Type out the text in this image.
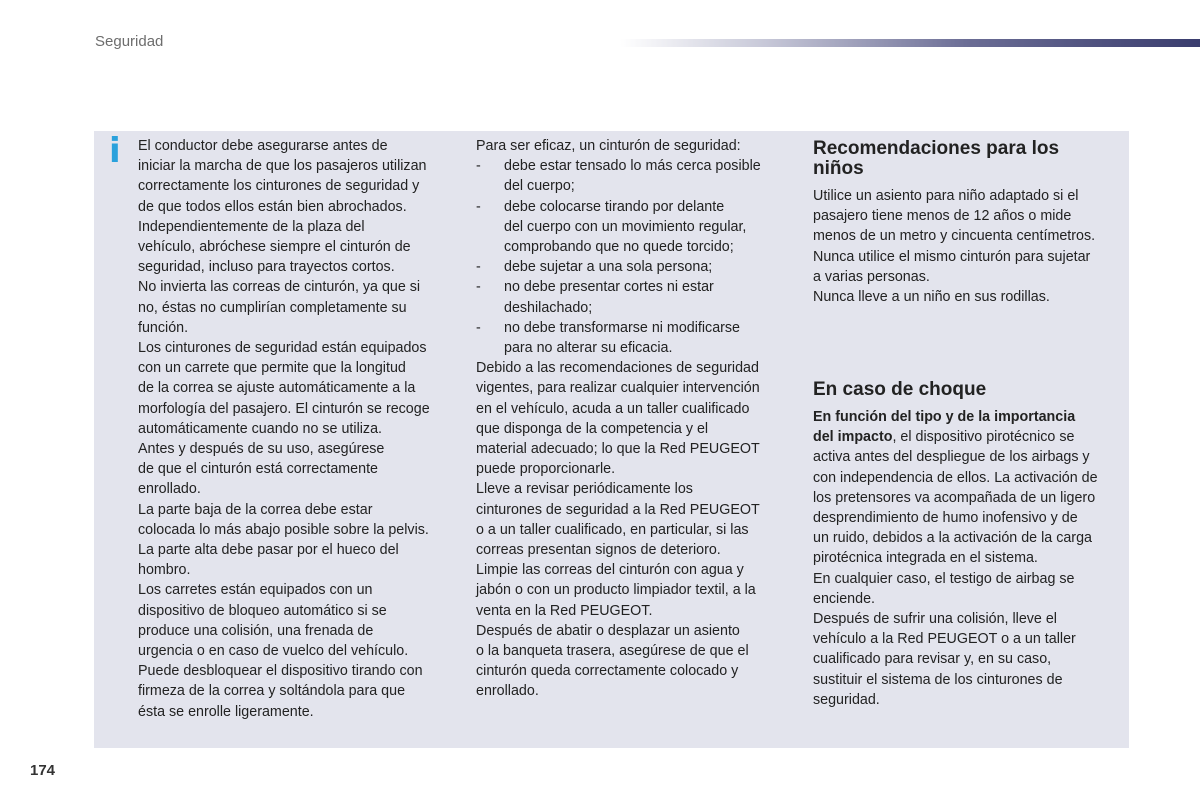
Seguridad
i El conductor debe asegurarse antes de

iniciar la marcha de que los pasajeros utilizan

correctamente los cinturones de seguridad y

de que todos ellos están bien abrochados.

Independientemente de la plaza del

vehículo, abróchese siempre el cinturón de

seguridad, incluso para trayectos cortos.

No invierta las correas de cinturón, ya que si

no, éstas no cumplirían completamente su

función.

Los cinturones de seguridad están equipados

con un carrete que permite que la longitud

de la correa se ajuste automáticamente a la

morfología del pasajero. El cinturón se recoge

automáticamente cuando no se utiliza.

Antes y después de su uso, asegúrese

de que el cinturón está correctamente

enrollado.

La parte baja de la correa debe estar

colocada lo más abajo posible sobre la pelvis.

La parte alta debe pasar por el hueco del

hombro.

Los carretes están equipados con un

dispositivo de bloqueo automático si se

produce una colisión, una frenada de

urgencia o en caso de vuelco del vehículo.

Puede desbloquear el dispositivo tirando con

firmeza de la correa y soltándola para que

ésta se enrolle ligeramente.

Para ser eficaz, un cinturón de seguridad:

-	debe estar tensado lo más cerca posible

del cuerpo;

-	debe colocarse tirando por delante

del cuerpo con un movimiento regular,

comprobando que no quede torcido;

-	debe sujetar a una sola persona;

-	no debe presentar cortes ni estar

deshilachado;

-	no debe transformarse ni modificarse

para no alterar su eficacia.

Debido a las recomendaciones de seguridad

vigentes, para realizar cualquier intervención

en el vehículo, acuda a un taller cualificado

que disponga de la competencia y el

material adecuado; lo que la Red PEUGEOT

puede proporcionarle.

Lleve a revisar periódicamente los

cinturones de seguridad a la Red PEUGEOT

o a un taller cualificado, en particular, si las

correas presentan signos de deterioro.

Limpie las correas del cinturón con agua y

jabón o con un producto limpiador textil, a la

venta en la Red PEUGEOT.

Después de abatir o desplazar un asiento

o la banqueta trasera, asegúrese de que el

cinturón queda correctamente colocado y

enrollado.

Recomendaciones para los
niños

Utilice un asiento para niño adaptado si el

pasajero tiene menos de 12 años o mide

menos de un metro y cincuenta centímetros.

Nunca utilice el mismo cinturón para sujetar

a varias personas.

Nunca lleve a un niño en sus rodillas.

En caso de choque

En función del tipo y de la importancia

del impacto, el dispositivo pirotécnico se

activa antes del despliegue de los airbags y

con independencia de ellos. La activación de

los pretensores va acompañada de un ligero

desprendimiento de humo inofensivo y de

un ruido, debidos a la activación de la carga

pirotécnica integrada en el sistema.

En cualquier caso, el testigo de airbag se

enciende.

Después de sufrir una colisión, lleve el

vehículo a la Red PEUGEOT o a un taller

cualificado para revisar y, en su caso,

sustituir el sistema de los cinturones de

seguridad.

174
